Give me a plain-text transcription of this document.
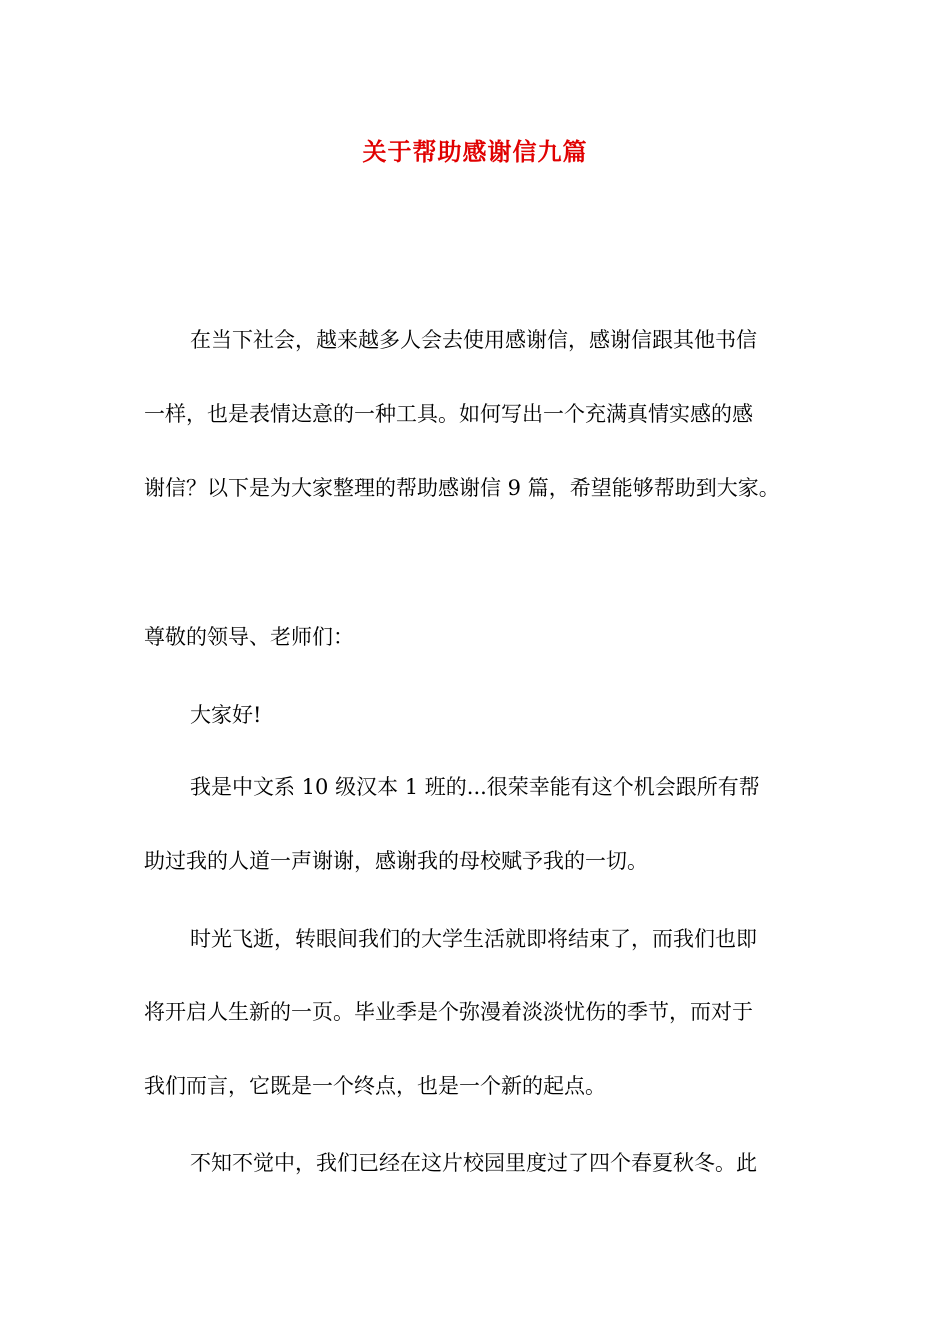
关于帮助感谢信九篇

在当下社会，越来越多人会去使用感谢信，感谢信跟其他书信

一样，也是表情达意的一种工具。如何写出一个充满真情实感的感

谢信？以下是为大家整理的帮助感谢信 9 篇，希望能够帮助到大家。

尊敬的领导、老师们：

大家好!

我是中文系 10 级汉本 1 班的...很荣幸能有这个机会跟所有帮

助过我的人道一声谢谢，感谢我的母校赋予我的一切。

时光飞逝，转眼间我们的大学生活就即将结束了，而我们也即

将开启人生新的一页。毕业季是个弥漫着淡淡忧伤的季节，而对于

我们而言，它既是一个终点，也是一个新的起点。

不知不觉中，我们已经在这片校园里度过了四个春夏秋冬。此
